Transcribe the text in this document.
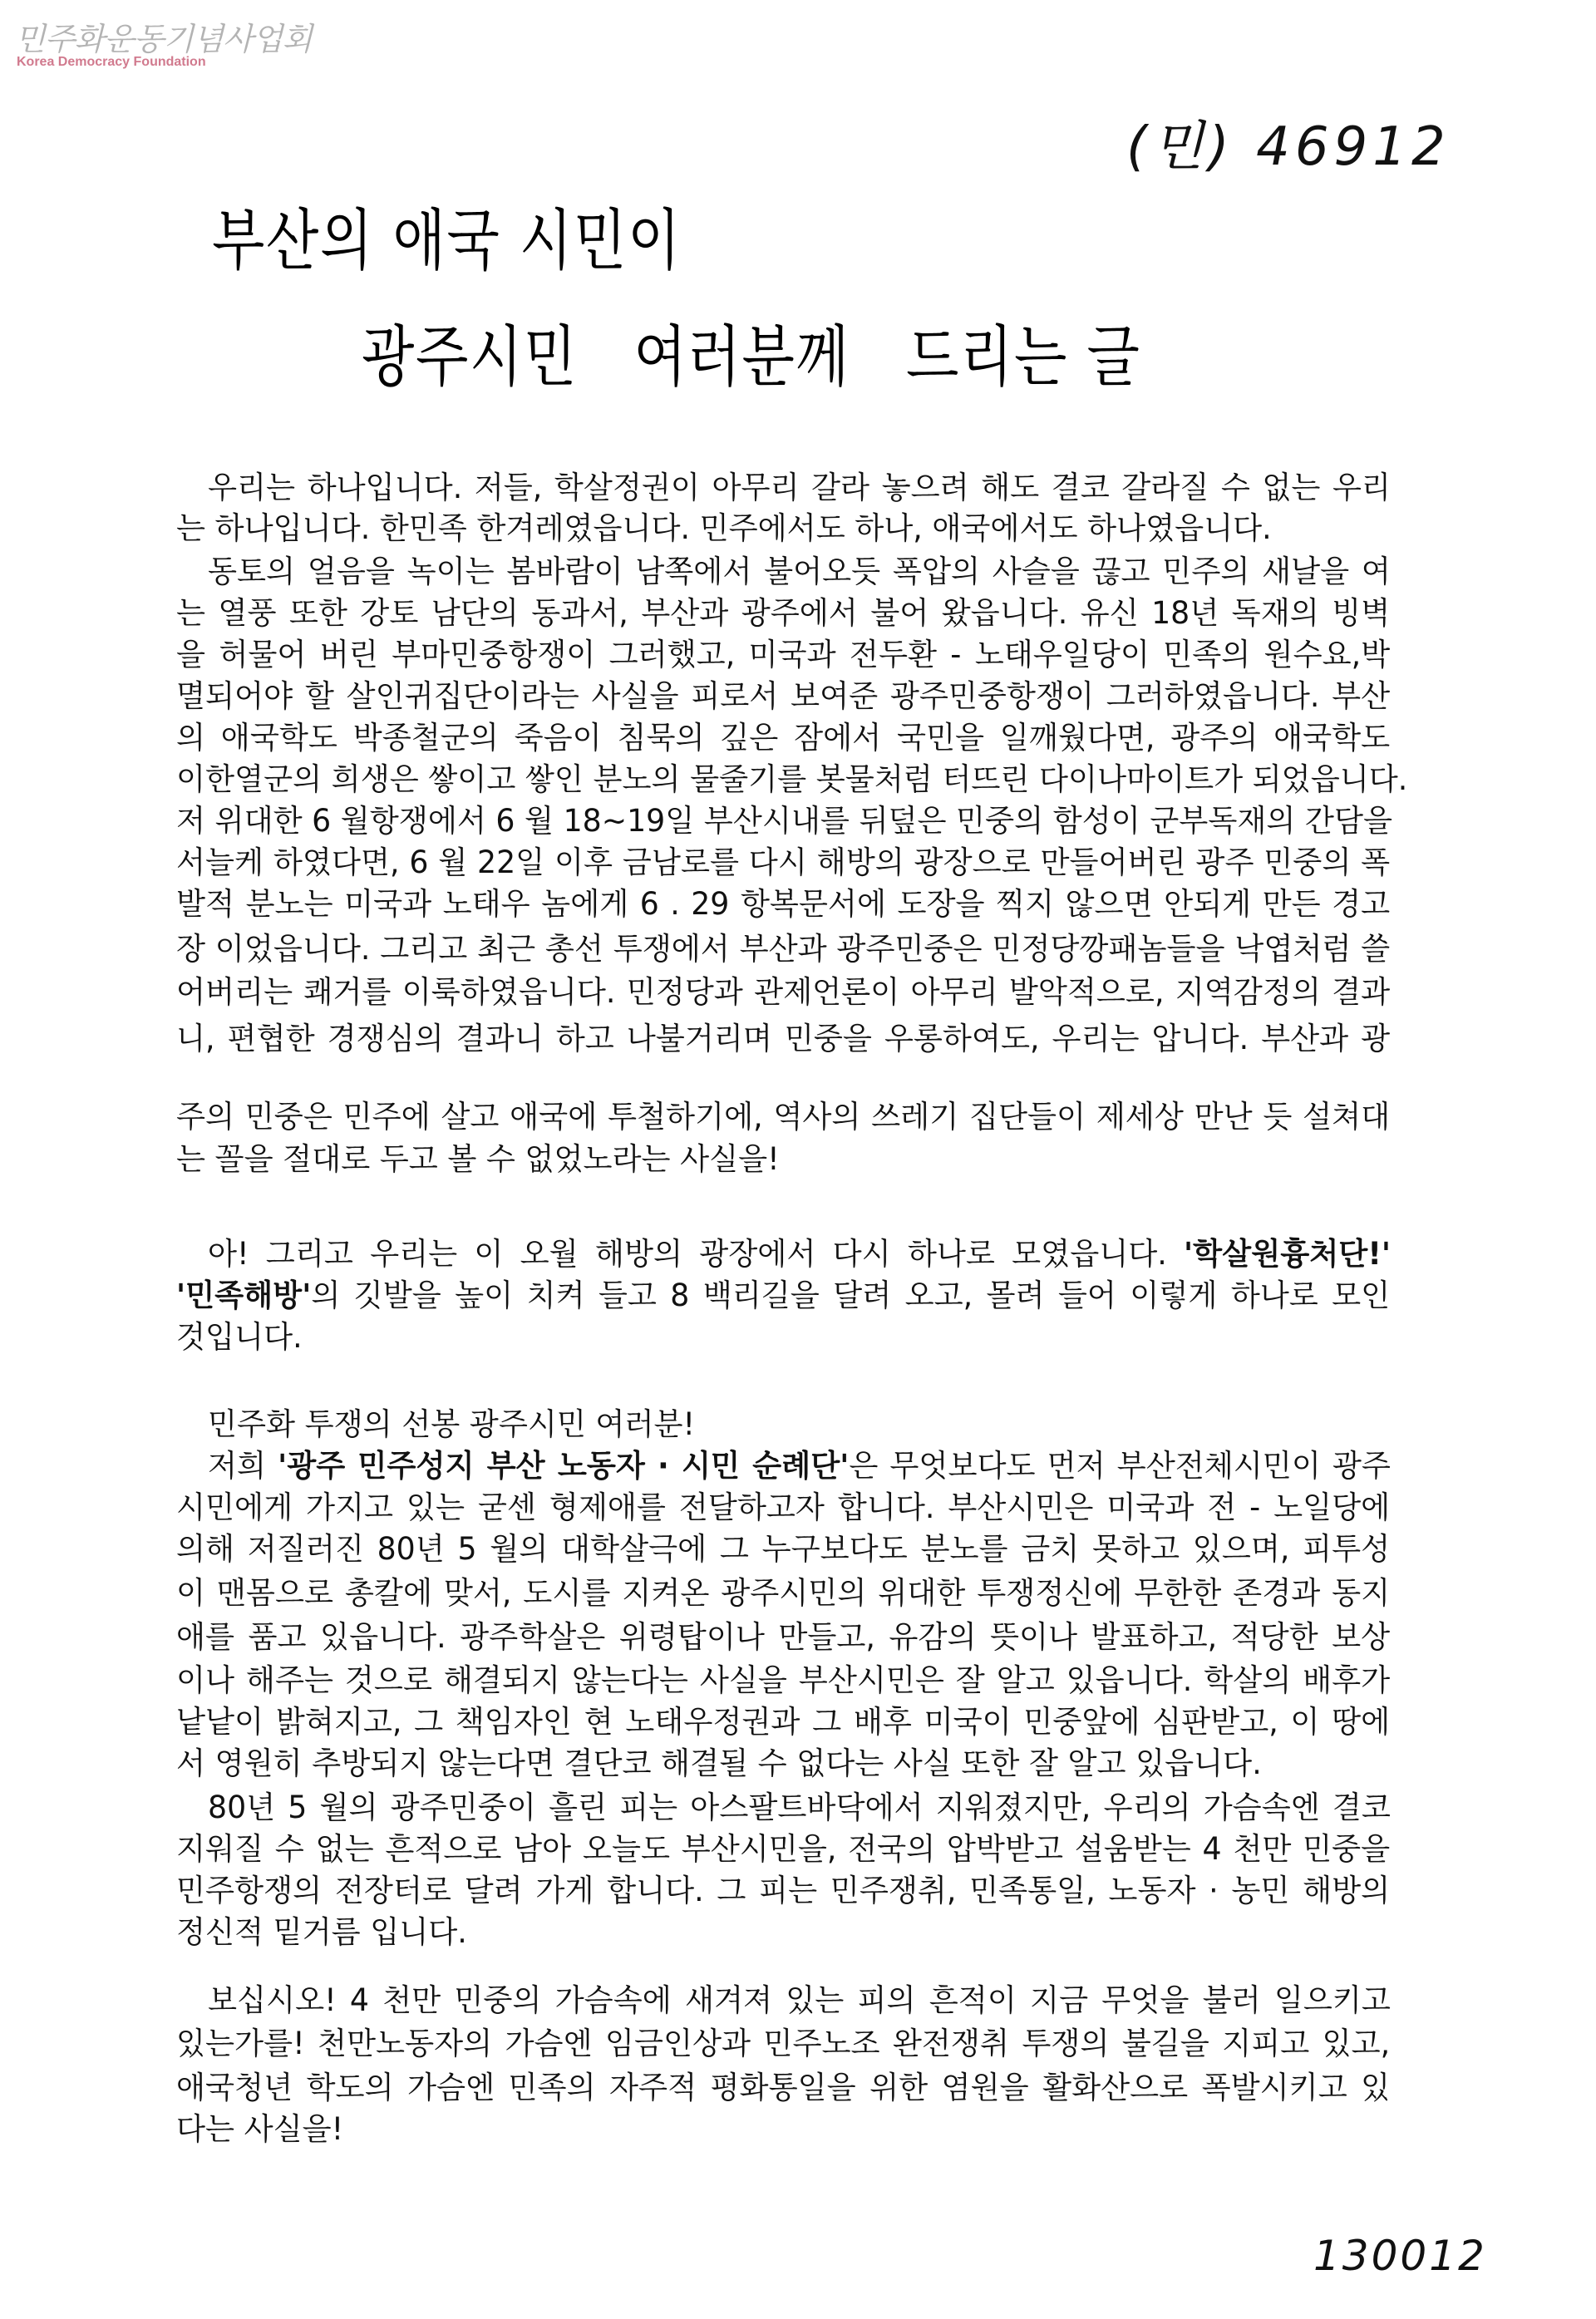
민주화운동기념사업회
Korea Democracy Foundation
(민) 46912
부산의 애국 시민이
광주시민   여러분께   드리는 글
우리는 하나입니다. 저들, 학살정권이 아무리 갈라 놓으려 해도 결코 갈라질 수 없는 우리
는 하나입니다. 한민족 한겨레였읍니다. 민주에서도 하나, 애국에서도 하나였읍니다.
동토의 얼음을 녹이는 봄바람이 남쪽에서 불어오듯 폭압의 사슬을 끊고 민주의 새날을 여
는 열풍 또한 강토 남단의 동과서, 부산과 광주에서 불어 왔읍니다. 유신 18년 독재의 빙벽
을 허물어 버린 부마민중항쟁이 그러했고, 미국과 전두환 - 노태우일당이 민족의 원수요,박
멸되어야 할 살인귀집단이라는 사실을 피로서 보여준 광주민중항쟁이 그러하였읍니다. 부산
의 애국학도 박종철군의 죽음이 침묵의 깊은 잠에서 국민을 일깨웠다면, 광주의 애국학도
이한열군의 희생은 쌓이고 쌓인 분노의 물줄기를 봇물처럼 터뜨린 다이나마이트가 되었읍니다.
저 위대한 6 월항쟁에서 6 월 18~19일 부산시내를 뒤덮은 민중의 함성이 군부독재의 간담을
서늘케 하였다면, 6 월 22일 이후 금남로를 다시 해방의 광장으로 만들어버린 광주 민중의 폭
발적 분노는 미국과 노태우 놈에게 6 . 29 항복문서에 도장을 찍지 않으면 안되게 만든 경고
장 이었읍니다. 그리고 최근 총선 투쟁에서 부산과 광주민중은 민정당깡패놈들을 낙엽처럼 쓸
어버리는 쾌거를 이룩하였읍니다. 민정당과 관제언론이 아무리 발악적으로, 지역감정의 결과
니, 편협한 경쟁심의 결과니 하고 나불거리며 민중을 우롱하여도, 우리는 압니다. 부산과 광
주의 민중은 민주에 살고 애국에 투철하기에, 역사의 쓰레기 집단들이 제세상 만난 듯 설쳐대
는 꼴을 절대로 두고 볼 수 없었노라는 사실을!
아! 그리고 우리는 이 오월 해방의 광장에서 다시 하나로 모였읍니다. '학살원흉처단!'
'민족해방'의 깃발을 높이 치켜 들고 8 백리길을 달려 오고, 몰려 들어 이렇게 하나로 모인
것입니다.
민주화 투쟁의 선봉 광주시민 여러분!
저희 '광주 민주성지 부산 노동자 · 시민 순례단'은 무엇보다도 먼저 부산전체시민이 광주
시민에게 가지고 있는 굳센 형제애를 전달하고자 합니다. 부산시민은 미국과 전 - 노일당에
의해 저질러진 80년 5 월의 대학살극에 그 누구보다도 분노를 금치 못하고 있으며, 피투성
이 맨몸으로 총칼에 맞서, 도시를 지켜온 광주시민의 위대한 투쟁정신에 무한한 존경과 동지
애를 품고 있읍니다. 광주학살은 위령탑이나 만들고, 유감의 뜻이나 발표하고, 적당한 보상
이나 해주는 것으로 해결되지 않는다는 사실을 부산시민은 잘 알고 있읍니다. 학살의 배후가
낱낱이 밝혀지고, 그 책임자인 현 노태우정권과 그 배후 미국이 민중앞에 심판받고, 이 땅에
서 영원히 추방되지 않는다면 결단코 해결될 수 없다는 사실 또한 잘 알고 있읍니다.
80년 5 월의 광주민중이 흘린 피는 아스팔트바닥에서 지워졌지만, 우리의 가슴속엔 결코
지워질 수 없는 흔적으로 남아 오늘도 부산시민을, 전국의 압박받고 설움받는 4 천만 민중을
민주항쟁의 전장터로 달려 가게 합니다. 그 피는 민주쟁취, 민족통일, 노동자 · 농민 해방의
정신적 밑거름 입니다.
보십시오! 4 천만 민중의 가슴속에 새겨져 있는 피의 흔적이 지금 무엇을 불러 일으키고
있는가를! 천만노동자의 가슴엔 임금인상과 민주노조 완전쟁취 투쟁의 불길을 지피고 있고,
애국청년 학도의 가슴엔 민족의 자주적 평화통일을 위한 염원을 활화산으로 폭발시키고 있
다는 사실을!
130012
